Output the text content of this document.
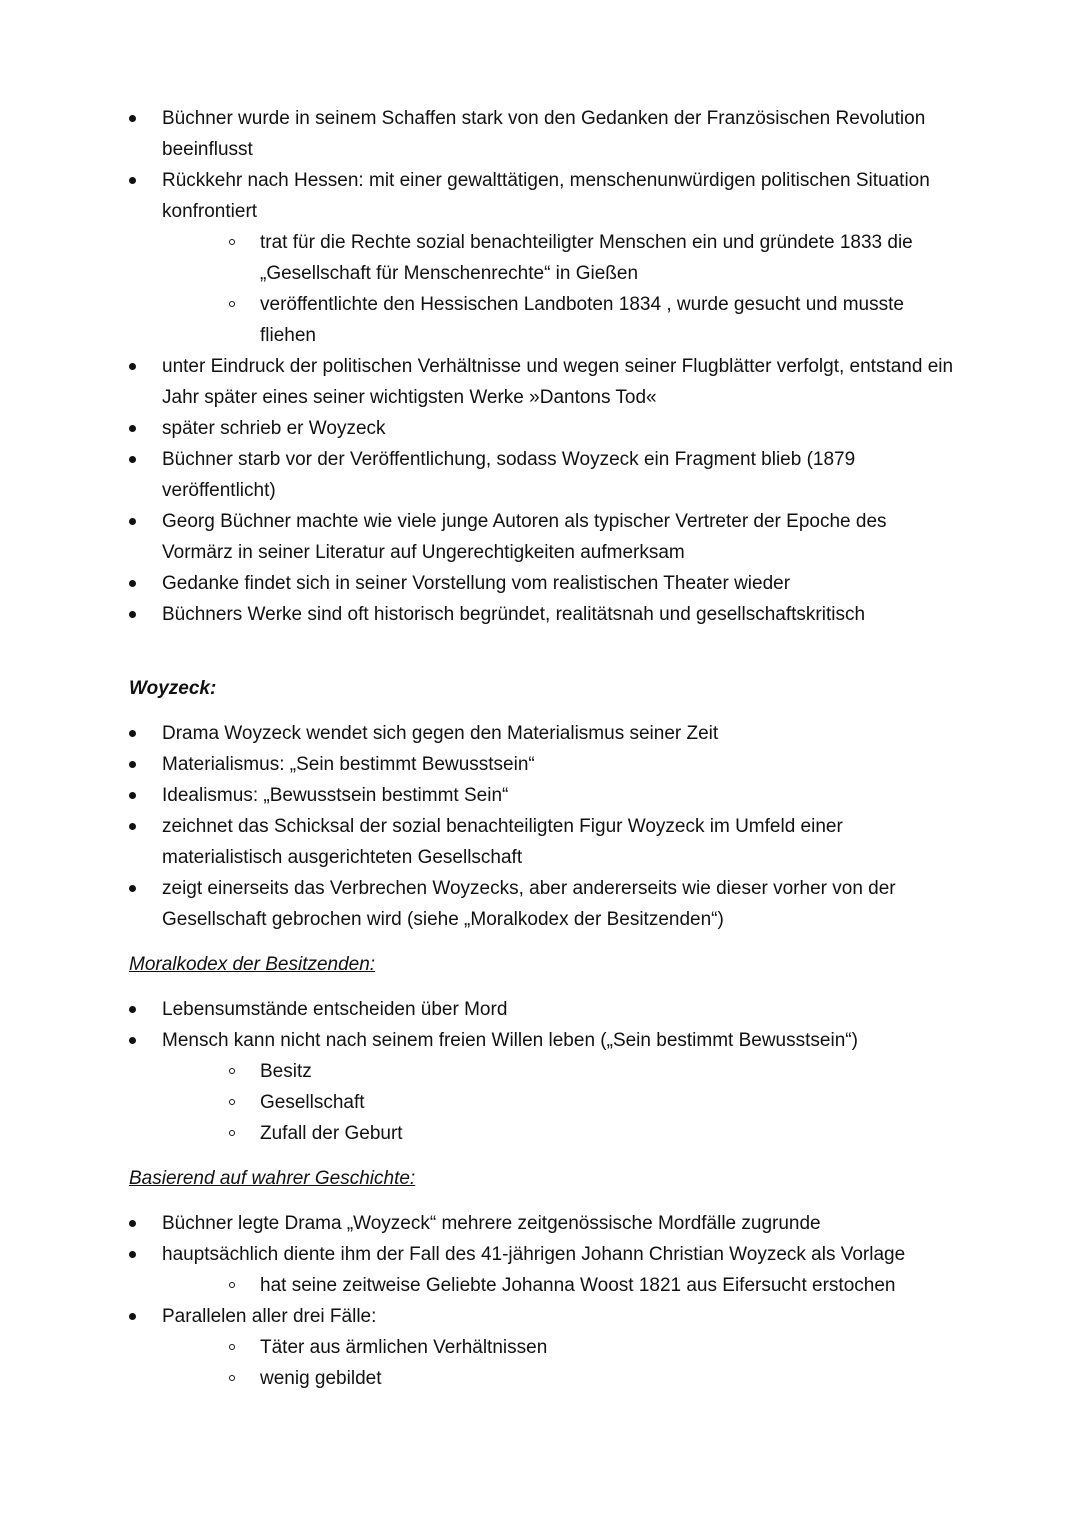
Büchner wurde in seinem Schaffen stark von den Gedanken der Französischen Revolution beeinflusst
Rückkehr nach Hessen: mit einer gewalttätigen, menschenunwürdigen politischen Situation konfrontiert
trat für die Rechte sozial benachteiligter Menschen ein und gründete 1833 die „Gesellschaft für Menschenrechte“ in Gießen
veröffentlichte den Hessischen Landboten 1834 , wurde gesucht und musste fliehen
unter Eindruck der politischen Verhältnisse und wegen seiner Flugblätter verfolgt, entstand ein Jahr später eines seiner wichtigsten Werke »Dantons Tod«
später schrieb er Woyzeck
Büchner starb vor der Veröffentlichung, sodass Woyzeck ein Fragment blieb (1879 veröffentlicht)
Georg Büchner machte wie viele junge Autoren als typischer Vertreter der Epoche des Vormärz in seiner Literatur auf Ungerechtigkeiten aufmerksam
Gedanke findet sich in seiner Vorstellung vom realistischen Theater wieder
Büchners Werke sind oft historisch begründet, realitätsnah und gesellschaftskritisch
Woyzeck:
Drama Woyzeck wendet sich gegen den Materialismus seiner Zeit
Materialismus: „Sein bestimmt Bewusstsein“
Idealismus: „Bewusstsein bestimmt Sein“
zeichnet das Schicksal der sozial benachteiligten Figur Woyzeck im Umfeld einer materialistisch ausgerichteten Gesellschaft
zeigt einerseits das Verbrechen Woyzecks, aber andererseits wie dieser vorher von der Gesellschaft gebrochen wird (siehe „Moralkodex der Besitzenden“)
Moralkodex der Besitzenden:
Lebensumstände entscheiden über Mord
Mensch kann nicht nach seinem freien Willen leben („Sein bestimmt Bewusstsein“)
Besitz
Gesellschaft
Zufall der Geburt
Basierend auf wahrer Geschichte:
Büchner legte Drama „Woyzeck“ mehrere zeitgenössische Mordfälle zugrunde
hauptsächlich diente ihm der Fall des 41-jährigen Johann Christian Woyzeck als Vorlage
hat seine zeitweise Geliebte Johanna Woost 1821 aus Eifersucht erstochen
Parallelen aller drei Fälle:
Täter aus ärmlichen Verhältnissen
wenig gebildet
